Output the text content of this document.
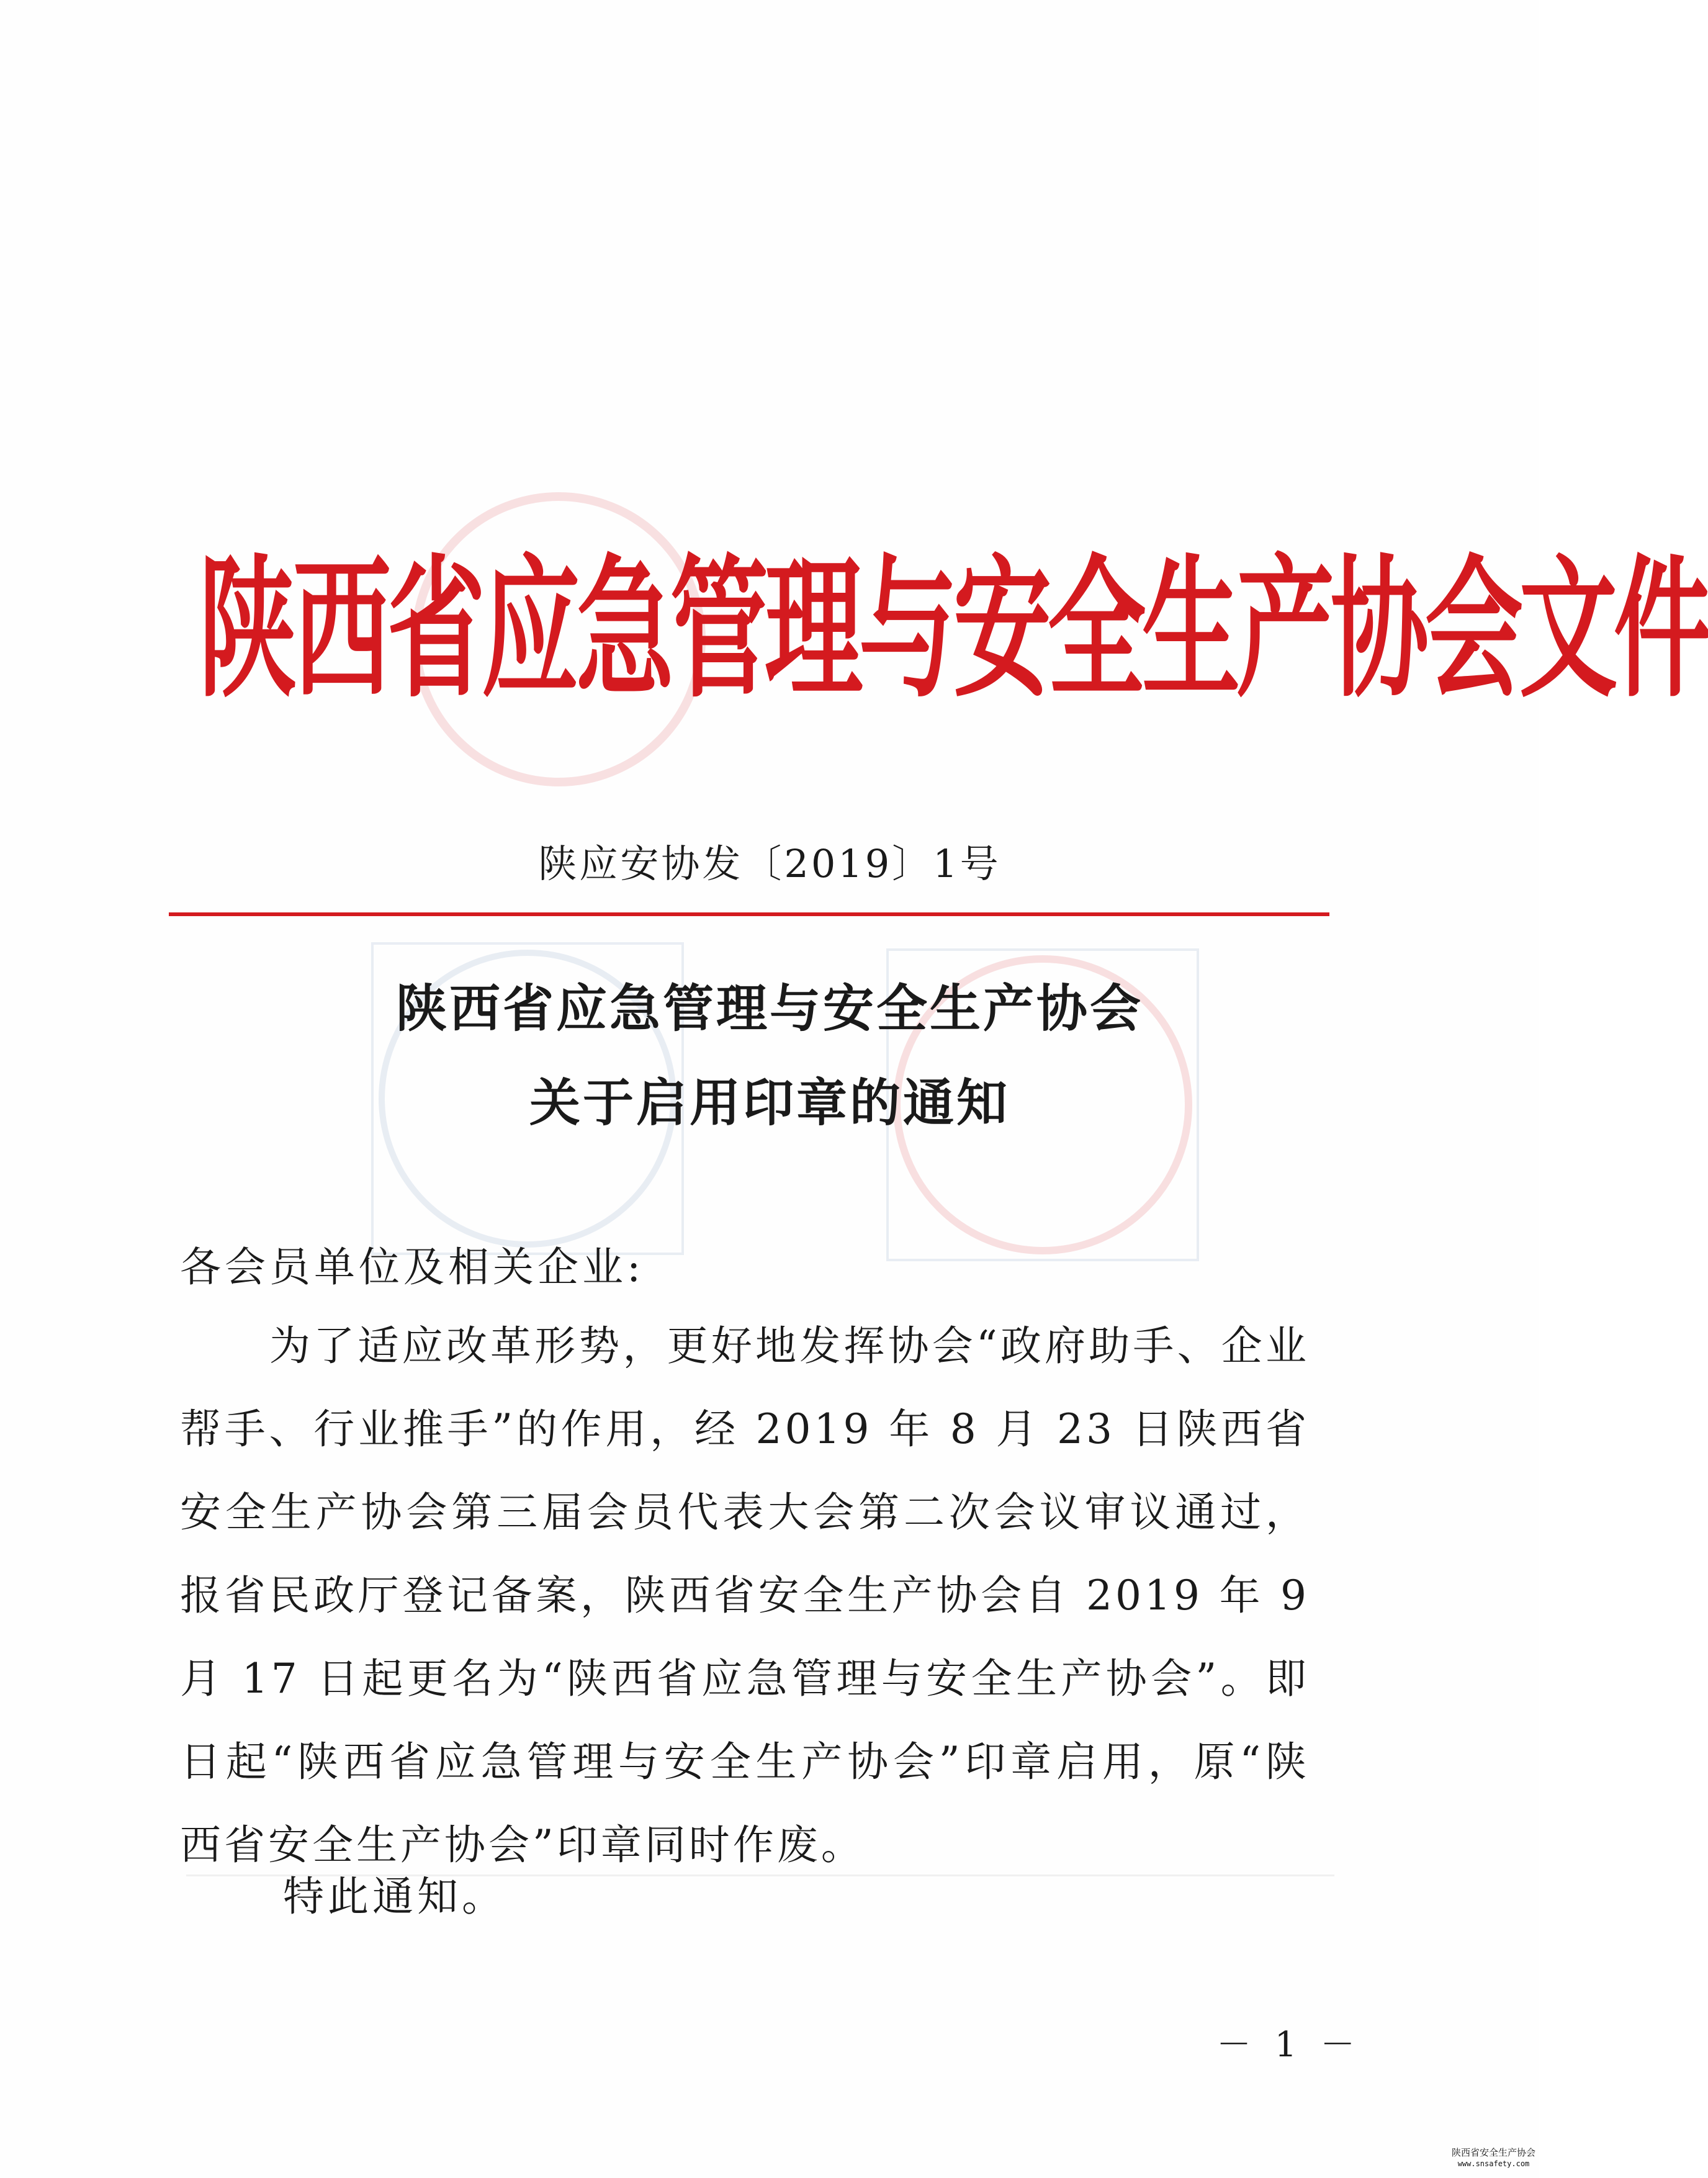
陕西省应急管理与安全生产协会文件
陕应安协发〔2019〕1号
陕西省应急管理与安全生产协会
关于启用印章的通知
各会员单位及相关企业:
为了适应改革形势，更好地发挥协会“政府助手、企业帮手、行业推手”的作用，经 2019 年 8 月 23 日陕西省安全生产协会第三届会员代表大会第二次会议审议通过，报省民政厅登记备案，陕西省安全生产协会自 2019 年 9 月 17 日起更名为“陕西省应急管理与安全生产协会”。即日起“陕西省应急管理与安全生产协会”印章启用，原“陕西省安全生产协会”印章同时作废。
特此通知。
－ 1 －
陕西省安全生产协会
www.snsafety.com
